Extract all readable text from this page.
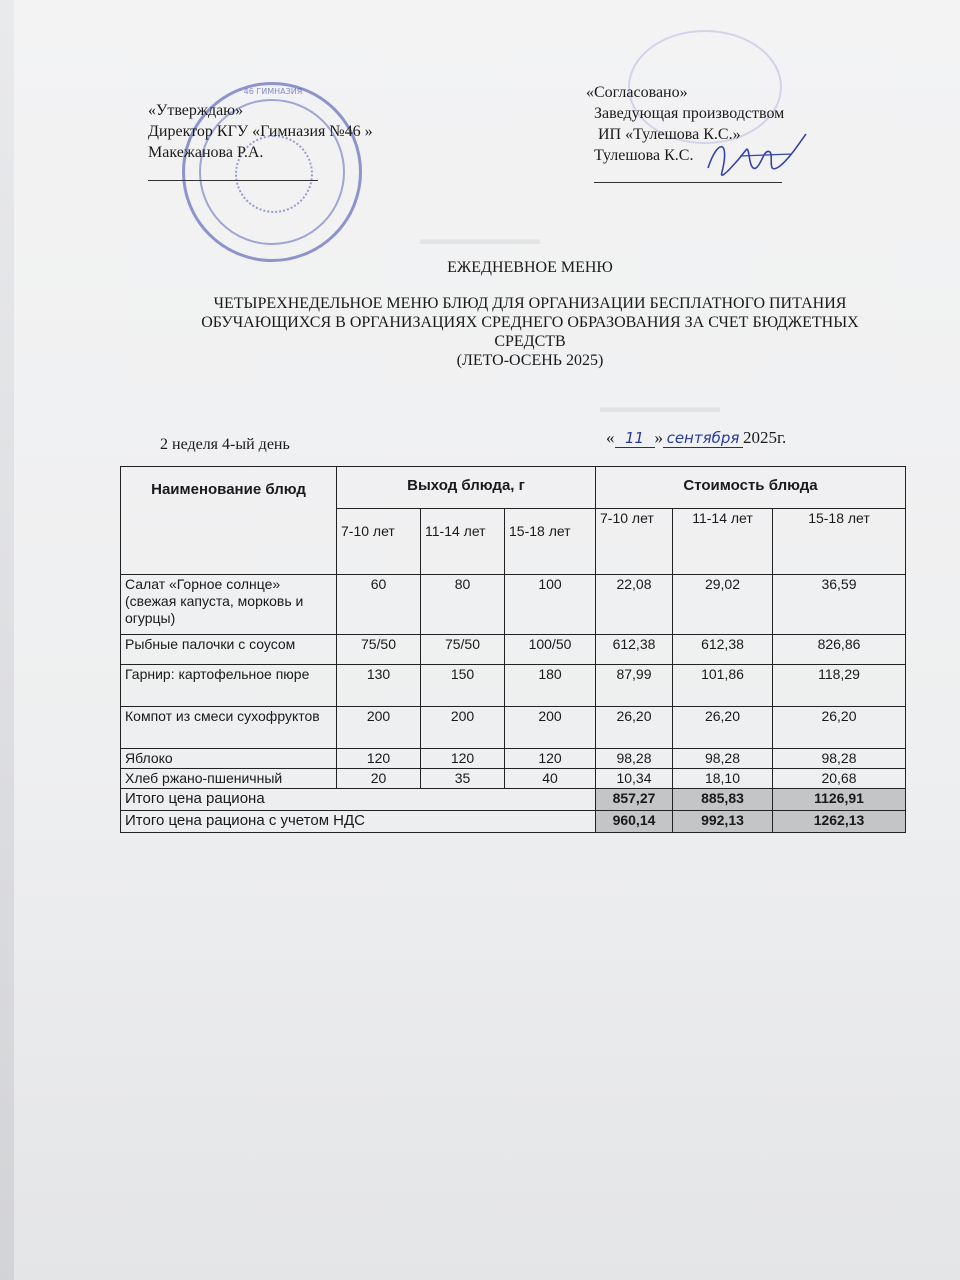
▬▬▬▬▬▬▬▬
▬▬▬▬▬▬▬▬
46 ГИМНАЗИЯ
«Утверждаю»
Директор КГУ «Гимназия №46 »
Макежанова Р.А.
«Согласовано»
Заведующая производством
ИП «Тулешова К.С.»
Тулешова К.С.
ЕЖЕДНЕВНОЕ МЕНЮ
ЧЕТЫРЕХНЕДЕЛЬНОЕ МЕНЮ БЛЮД ДЛЯ ОРГАНИЗАЦИИ БЕСПЛАТНОГО ПИТАНИЯ
ОБУЧАЮЩИХСЯ В ОРГАНИЗАЦИЯХ СРЕДНЕГО ОБРАЗОВАНИЯ ЗА СЧЕТ БЮДЖЕТНЫХ
СРЕДСТВ
(ЛЕТО-ОСЕНЬ 2025)
2 неделя 4-ый день	« 11 » сентября 2025г.
Наименование блюд	Выход блюда, г			Стоимость блюда		
	7-10 лет	11-14 лет	15-18 лет	7-10 лет	11-14 лет	15-18 лет
Салат «Горное солнце» (свежая капуста, морковь и огурцы)	60	80	100	22,08	29,02	36,59
Рыбные палочки с соусом	75/50	75/50	100/50	612,38	612,38	826,86
Гарнир: картофельное пюре	130	150	180	87,99	101,86	118,29
Компот из смеси сухофруктов	200	200	200	26,20	26,20	26,20
Яблоко	120	120	120	98,28	98,28	98,28
Хлеб ржано-пшеничный	20	35	40	10,34	18,10	20,68
Итого цена рациона				857,27	885,83	1126,91
Итого цена рациона с учетом НДС				960,14	992,13	1262,13
